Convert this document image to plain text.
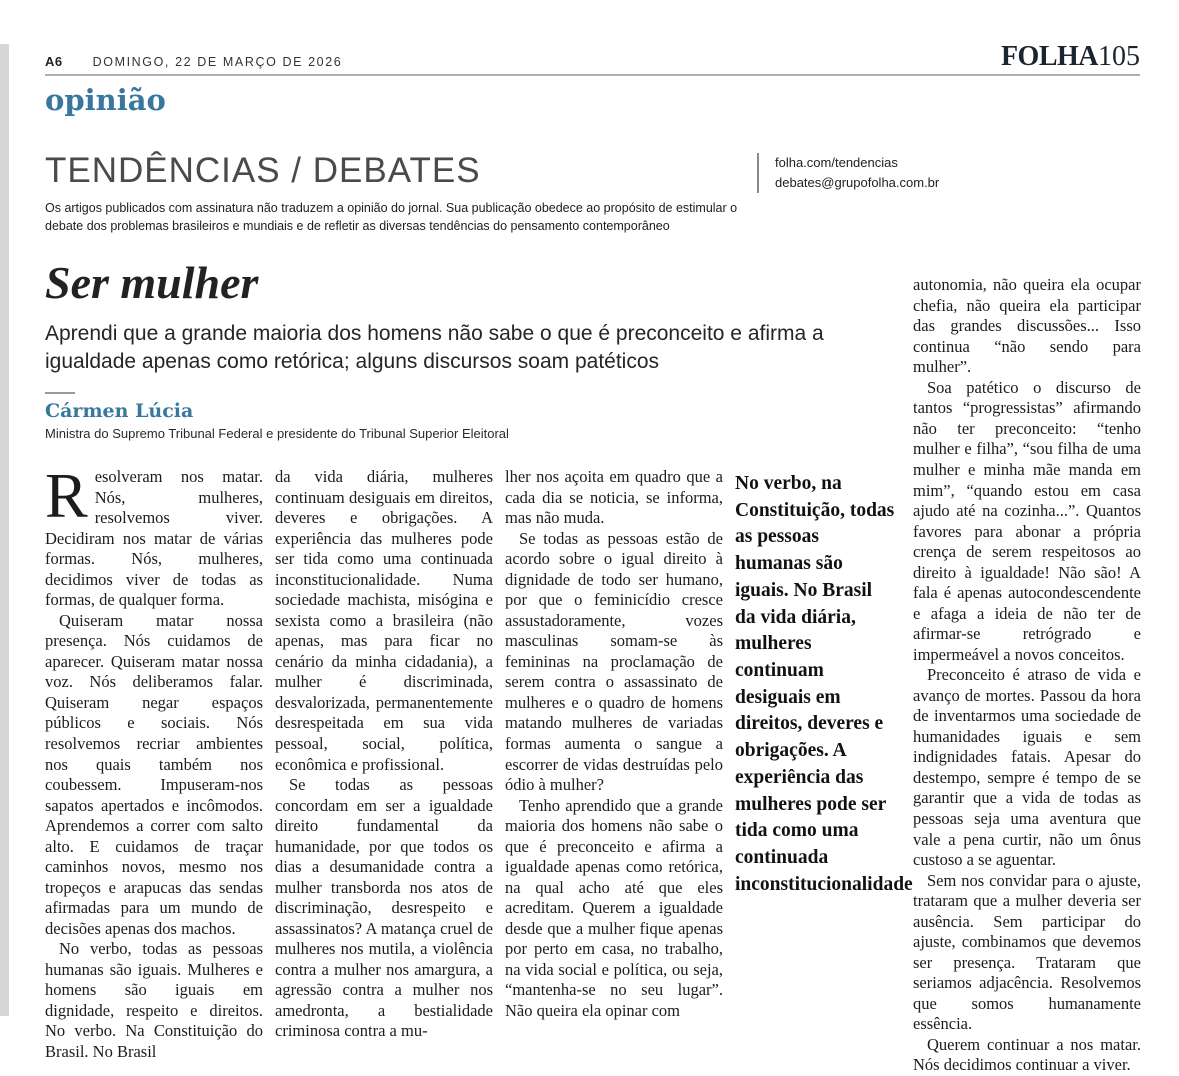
A6 DOMINGO, 22 DE MARÇO DE 2026	FOLHA105
opinião
TENDÊNCIAS / DEBATES	folha.com/tendencias
debates@grupofolha.com.br
Os artigos publicados com assinatura não traduzem a opinião do jornal. Sua publicação obedece ao propósito de estimular o debate dos problemas brasileiros e mundiais e de refletir as diversas tendências do pensamento contemporâneo
Ser mulher
Aprendi que a grande maioria dos homens não sabe o que é preconceito e afirma a igualdade apenas como retórica; alguns discursos soam patéticos
Cármen Lúcia
Ministra do Supremo Tribunal Federal e presidente do Tribunal Superior Eleitoral

Resolveram nos matar. Nós, mulheres, resolvemos viver. Decidiram nos matar de várias formas. Nós, mulheres, decidimos viver de todas as formas, de qualquer forma.

Quiseram matar nossa presença. Nós cuidamos de aparecer. Quiseram matar nossa voz. Nós deliberamos falar. Quiseram negar espaços públicos e sociais. Nós resolvemos recriar ambientes nos quais também nos coubessem. Impuseram-nos sapatos apertados e incômodos. Aprendemos a correr com salto alto. E cuidamos de traçar caminhos novos, mesmo nos tropeços e arapucas das sendas afirmadas para um mundo de decisões apenas dos machos.

No verbo, todas as pessoas humanas são iguais. Mulheres e homens são iguais em dignidade, respeito e direitos. No verbo. Na Constituição do Brasil. No Brasil

da vida diária, mulheres continuam desiguais em direitos, deveres e obrigações. A experiência das mulheres pode ser tida como uma continuada inconstitucionalidade. Numa sociedade machista, misógina e sexista como a brasileira (não apenas, mas para ficar no cenário da minha cidadania), a mulher é discriminada, desvalorizada, permanentemente desrespeitada em sua vida pessoal, social, política, econômica e profissional.

Se todas as pessoas concordam em ser a igualdade direito fundamental da humanidade, por que todos os dias a desumanidade contra a mulher transborda nos atos de discriminação, desrespeito e assassinatos? A matança cruel de mulheres nos mutila, a violência contra a mulher nos amargura, a agressão contra a mulher nos amedronta, a bestialidade criminosa contra a mu-

lher nos açoita em quadro que a cada dia se noticia, se informa, mas não muda.

Se todas as pessoas estão de acordo sobre o igual direito à dignidade de todo ser humano, por que o feminicídio cresce assustadoramente, vozes masculinas somam-se às femininas na proclamação de serem contra o assassinato de mulheres e o quadro de homens matando mulheres de variadas formas aumenta o sangue a escorrer de vidas destruídas pelo ódio à mulher?

Tenho aprendido que a grande maioria dos homens não sabe o que é preconceito e afirma a igualdade apenas como retórica, na qual acho até que eles acreditam. Querem a igualdade desde que a mulher fique apenas por perto em casa, no trabalho, na vida social e política, ou seja, “mantenha-se no seu lugar”. Não queira ela opinar com

No verbo, na Constituição, todas as pessoas humanas são iguais. No Brasil da vida diária, mulheres continuam desiguais em direitos, deveres e obrigações. A experiência das mulheres pode ser tida como uma continuada inconstitucionalidade

autonomia, não queira ela ocupar chefia, não queira ela participar das grandes discussões... Isso continua “não sendo para mulher”.

Soa patético o discurso de tantos “progressistas” afirmando não ter preconceito: “tenho mulher e filha”, “sou filha de uma mulher e minha mãe manda em mim”, “quando estou em casa ajudo até na cozinha...”. Quantos favores para abonar a própria crença de serem respeitosos ao direito à igualdade! Não são! A fala é apenas autocondescendente e afaga a ideia de não ter de afirmar-se retrógrado e impermeável a novos conceitos.

Preconceito é atraso de vida e avanço de mortes. Passou da hora de inventarmos uma sociedade de humanidades iguais e sem indignidades fatais. Apesar do destempo, sempre é tempo de se garantir que a vida de todas as pessoas seja uma aventura que vale a pena curtir, não um ônus custoso a se aguentar.

Sem nos convidar para o ajuste, trataram que a mulher deveria ser ausência. Sem participar do ajuste, combinamos que devemos ser presença. Trataram que seriamos adjacência. Resolvemos que somos humanamente essência.

Querem continuar a nos matar. Nós decidimos continuar a viver.
